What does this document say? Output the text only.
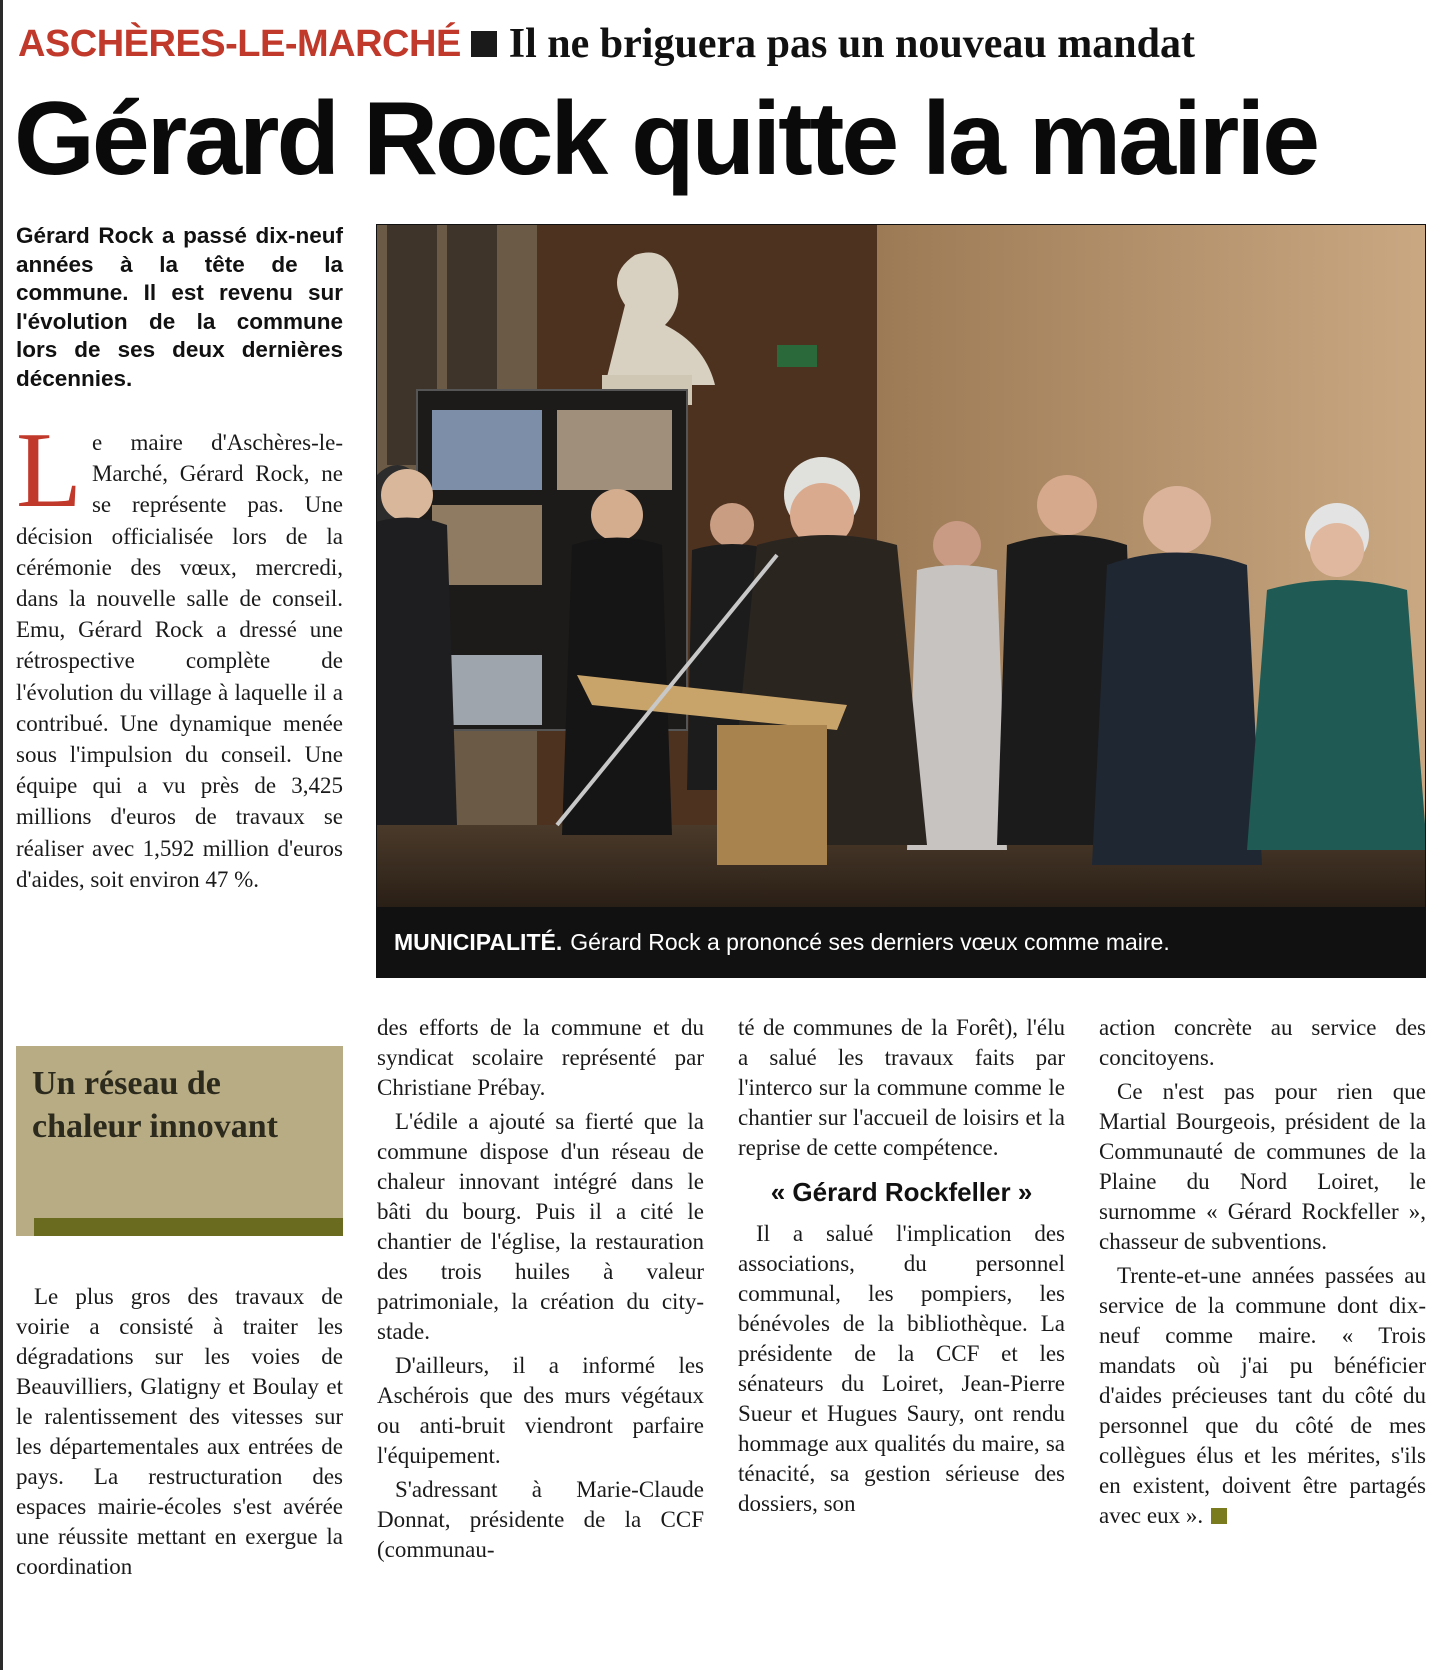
ASCHÈRES-LE-MARCHÉ Il ne briguera pas un nouveau mandat
Gérard Rock quitte la mairie
Gérard Rock a passé dix-neuf années à la tête de la commune. Il est revenu sur l'évolution de la commune lors de ses deux dernières décennies.
L e maire d'Aschères-le-Marché, Gérard Rock, ne se représente pas. Une décision officialisée lors de la cérémonie des vœux, mercredi, dans la nouvelle salle de conseil. Emu, Gérard Rock a dressé une rétrospective complète de l'évolution du village à laquelle il a contribué. Une dynamique menée sous l'impulsion du conseil. Une équipe qui a vu près de 3,425 millions d'euros de travaux se réaliser avec 1,592 million d'euros d'aides, soit environ 47 %.

Un réseau de chaleur innovant

Le plus gros des travaux de voirie a consisté à traiter les dégradations sur les voies de Beauvilliers, Glatigny et Boulay et le ralentissement des vitesses sur les départementales aux entrées de pays. La restructuration des espaces mairie-écoles s'est avérée une réussite mettant en exergue la coordination

des efforts de la commune et du syndicat scolaire représenté par Christiane Prébay.

L'édile a ajouté sa fierté que la commune dispose d'un réseau de chaleur innovant intégré dans le bâti du bourg. Puis il a cité le chantier de l'église, la restauration des trois huiles à valeur patrimoniale, la création du city-stade.

D'ailleurs, il a informé les Aschérois que des murs végétaux ou anti-bruit viendront parfaire l'équipement.

S'adressant à Marie-Claude Donnat, présidente de la CCF (communau-

té de communes de la Forêt), l'élu a salué les travaux faits par l'interco sur la commune comme le chantier sur l'accueil de loisirs et la reprise de cette compétence.

« Gérard Rockfeller »

Il a salué l'implication des associations, du personnel communal, les pompiers, les bénévoles de la bibliothèque. La présidente de la CCF et les sénateurs du Loiret, Jean-Pierre Sueur et Hugues Saury, ont rendu hommage aux qualités du maire, sa ténacité, sa gestion sérieuse des dossiers, son

action concrète au service des concitoyens.

Ce n'est pas pour rien que Martial Bourgeois, président de la Communauté de communes de la Plaine du Nord Loiret, le surnomme « Gérard Rockfeller », chasseur de subventions.

Trente-et-une années passées au service de la commune dont dix-neuf comme maire. « Trois mandats où j'ai pu bénéficier d'aides précieuses tant du côté du personnel que du côté de mes collègues élus et les mérites, s'ils en existent, doivent être partagés avec eux ».

MUNICIPALITÉ. Gérard Rock a prononcé ses derniers vœux comme maire.
